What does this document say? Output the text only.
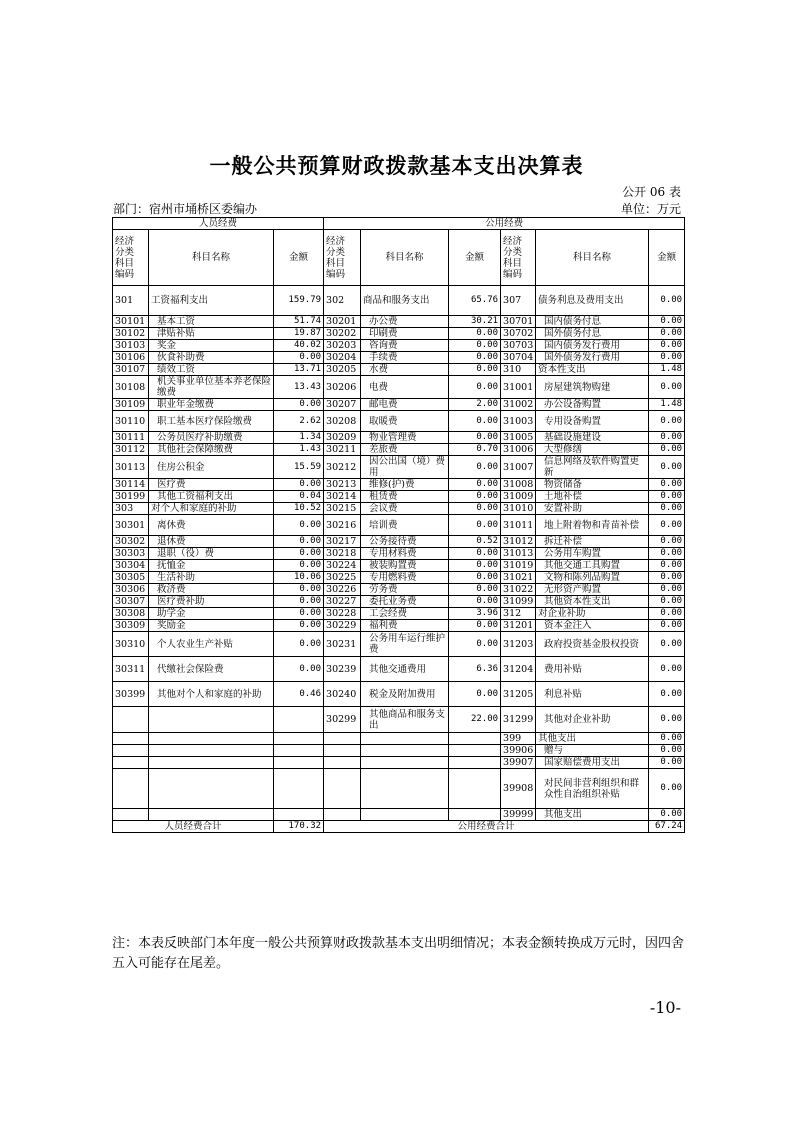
一般公共预算财政拨款基本支出决算表
公开 06 表
部门：宿州市埇桥区委编办	单位：万元
人员经费			公用经费					
经济
分类
科目
编码	科目名称	金额	经济
分类
科目
编码	科目名称	金额	经济
分类
科目
编码	科目名称	金额
301	工资福利支出	159.79	302	商品和服务支出	65.76	307	债务利息及费用支出	0.00
30101	基本工资	51.74	30201	办公费	30.21	30701	国内债务付息	0.00
30102	津贴补贴	19.87	30202	印刷费	0.00	30702	国外债务付息	0.00
30103	奖金	40.02	30203	咨询费	0.00	30703	国内债务发行费用	0.00
30106	伙食补助费	0.00	30204	手续费	0.00	30704	国外债务发行费用	0.00
30107	绩效工资	13.71	30205	水费	0.00	310	资本性支出	1.48
30108	机关事业单位基本养老保险缴费	13.43	30206	电费	0.00	31001	房屋建筑物购建	0.00
30109	职业年金缴费	0.00	30207	邮电费	2.00	31002	办公设备购置	1.48
30110	职工基本医疗保险缴费	2.62	30208	取暖费	0.00	31003	专用设备购置	0.00
30111	公务员医疗补助缴费	1.34	30209	物业管理费	0.00	31005	基础设施建设	0.00
30112	其他社会保障缴费	1.43	30211	差旅费	0.70	31006	大型修缮	0.00
30113	住房公积金	15.59	30212	因公出国（境）费用	0.00	31007	信息网络及软件购置更新	0.00
30114	医疗费	0.00	30213	维修(护)费	0.00	31008	物资储备	0.00
30199	其他工资福利支出	0.04	30214	租赁费	0.00	31009	土地补偿	0.00
303	对个人和家庭的补助	10.52	30215	会议费	0.00	31010	安置补助	0.00
30301	离休费	0.00	30216	培训费	0.00	31011	地上附着物和青苗补偿	0.00
30302	退休费	0.00	30217	公务接待费	0.52	31012	拆迁补偿	0.00
30303	退职（役）费	0.00	30218	专用材料费	0.00	31013	公务用车购置	0.00
30304	抚恤金	0.00	30224	被装购置费	0.00	31019	其他交通工具购置	0.00
30305	生活补助	10.06	30225	专用燃料费	0.00	31021	文物和陈列品购置	0.00
30306	救济费	0.00	30226	劳务费	0.00	31022	无形资产购置	0.00
30307	医疗费补助	0.00	30227	委托业务费	0.00	31099	其他资本性支出	0.00
30308	助学金	0.00	30228	工会经费	3.96	312	对企业补助	0.00
30309	奖励金	0.00	30229	福利费	0.00	31201	资本金注入	0.00
30310	个人农业生产补贴	0.00	30231	公务用车运行维护费	0.00	31203	政府投资基金股权投资	0.00
30311	代缴社会保险费	0.00	30239	其他交通费用	6.36	31204	费用补贴	0.00
30399	其他对个人和家庭的补助	0.46	30240	税金及附加费用	0.00	31205	利息补贴	0.00
			30299	其他商品和服务支出	22.00	31299	其他对企业补助	0.00
						399	其他支出	0.00
						39906	赠与	0.00
						39907	国家赔偿费用支出	0.00
						39908	对民间非营利组织和群众性自治组织补贴	0.00
						39999	其他支出	0.00
人员经费合计		170.32	公用经费合计					67.24
注：本表反映部门本年度一般公共预算财政拨款基本支出明细情况；本表金额转换成万元时，因四舍五入可能存在尾差。
-10-
